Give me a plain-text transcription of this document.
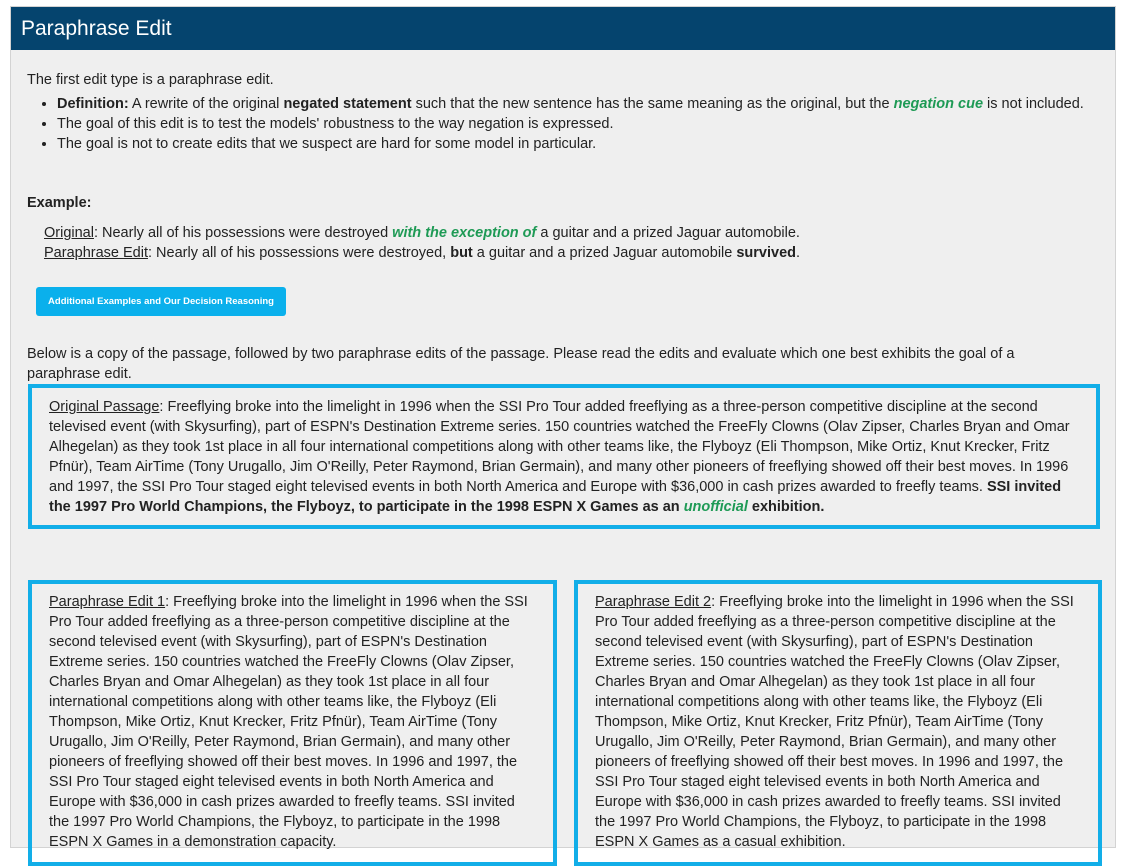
Paraphrase Edit
The first edit type is a paraphrase edit.
• Definition: A rewrite of the original negated statement such that the new sentence has the same meaning as the original, but the negation cue is not included.
• The goal of this edit is to test the models' robustness to the way negation is expressed.
• The goal is not to create edits that we suspect are hard for some model in particular.
Example:
Original: Nearly all of his possessions were destroyed with the exception of a guitar and a prized Jaguar automobile.
Paraphrase Edit: Nearly all of his possessions were destroyed, but a guitar and a prized Jaguar automobile survived.
Additional Examples and Our Decision Reasoning
Below is a copy of the passage, followed by two paraphrase edits of the passage. Please read the edits and evaluate which one best exhibits the goal of a paraphrase edit.
Original Passage: Freeflying broke into the limelight in 1996 when the SSI Pro Tour added freeflying as a three-person competitive discipline at the second televised event (with Skysurfing), part of ESPN's Destination Extreme series. 150 countries watched the FreeFly Clowns (Olav Zipser, Charles Bryan and Omar Alhegelan) as they took 1st place in all four international competitions along with other teams like, the Flyboyz (Eli Thompson, Mike Ortiz, Knut Krecker, Fritz Pfnür), Team AirTime (Tony Urugallo, Jim O'Reilly, Peter Raymond, Brian Germain), and many other pioneers of freeflying showed off their best moves. In 1996 and 1997, the SSI Pro Tour staged eight televised events in both North America and Europe with $36,000 in cash prizes awarded to freefly teams. SSI invited the 1997 Pro World Champions, the Flyboyz, to participate in the 1998 ESPN X Games as an unofficial exhibition.
Paraphrase Edit 1: Freeflying broke into the limelight in 1996 when the SSI Pro Tour added freeflying as a three-person competitive discipline at the second televised event (with Skysurfing), part of ESPN's Destination Extreme series. 150 countries watched the FreeFly Clowns (Olav Zipser, Charles Bryan and Omar Alhegelan) as they took 1st place in all four international competitions along with other teams like, the Flyboyz (Eli Thompson, Mike Ortiz, Knut Krecker, Fritz Pfnür), Team AirTime (Tony Urugallo, Jim O'Reilly, Peter Raymond, Brian Germain), and many other pioneers of freeflying showed off their best moves. In 1996 and 1997, the SSI Pro Tour staged eight televised events in both North America and Europe with $36,000 in cash prizes awarded to freefly teams. SSI invited the 1997 Pro World Champions, the Flyboyz, to participate in the 1998 ESPN X Games in a demonstration capacity.
Paraphrase Edit 2: Freeflying broke into the limelight in 1996 when the SSI Pro Tour added freeflying as a three-person competitive discipline at the second televised event (with Skysurfing), part of ESPN's Destination Extreme series. 150 countries watched the FreeFly Clowns (Olav Zipser, Charles Bryan and Omar Alhegelan) as they took 1st place in all four international competitions along with other teams like, the Flyboyz (Eli Thompson, Mike Ortiz, Knut Krecker, Fritz Pfnür), Team AirTime (Tony Urugallo, Jim O'Reilly, Peter Raymond, Brian Germain), and many other pioneers of freeflying showed off their best moves. In 1996 and 1997, the SSI Pro Tour staged eight televised events in both North America and Europe with $36,000 in cash prizes awarded to freefly teams. SSI invited the 1997 Pro World Champions, the Flyboyz, to participate in the 1998 ESPN X Games as a casual exhibition.
